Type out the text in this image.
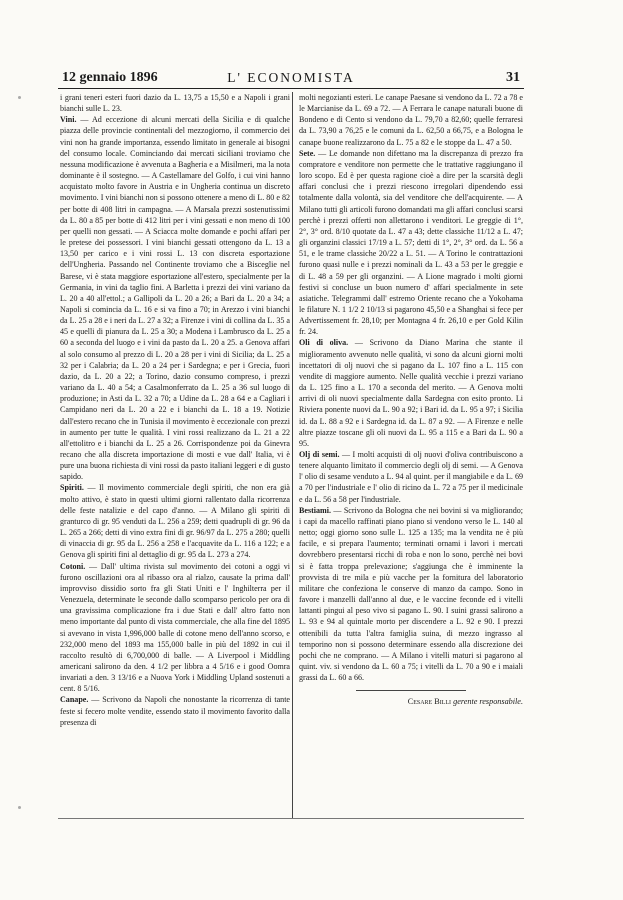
12 gennaio 1896	L' ECONOMISTA	31

i grani teneri esteri fuori dazio da L. 13,75 a 15,50 e a Napoli i grani bianchi sulle L. 23.

Vini. — Ad eccezione di alcuni mercati della Sicilia e di qualche piazza delle provincie continentali del mezzogiorno, il commercio dei vini non ha grande importanza, essendo limitato in generale ai bisogni del consumo locale. Cominciando dai mercati siciliani troviamo che nessuna modificazione è avvenuta a Bagheria e a Misilmeri, ma la nota dominante è il sostegno. — A Castellamare del Golfo, i cui vini hanno acquistato molto favore in Austria e in Ungheria continua un discreto movimento. I vini bianchi non si possono ottenere a meno di L. 80 e 82 per botte di 408 litri in campagna. — A Marsala prezzi sostenutissimi da L. 80 a 85 per botte di 412 litri per i vini gessati e non meno di 100 per quelli non gessati. — A Sciacca molte domande e pochi affari per le pretese dei possessori. I vini bianchi gessati ottengono da L. 13 a 13,50 per carico e i vini rossi L. 13 con discreta esportazione dell'Ungheria. Passando nel Continente troviamo che a Bisceglie nel Barese, vi è stata maggiore esportazione all'estero, specialmente per la Germania, in vini da taglio fini. A Barletta i prezzi dei vini variano da L. 20 a 40 all'ettol.; a Gallipoli da L. 20 a 26; a Bari da L. 20 a 34; a Napoli si comincia da L. 16 e si va fino a 70; in Arezzo i vini bianchi da L. 25 a 28 e i neri da L. 27 a 32; a Firenze i vini di collina da L. 35 a 45 e quelli di pianura da L. 25 a 30; a Modena i Lambrusco da L. 25 a 60 a seconda del luogo e i vini da pasto da L. 20 a 25. a Genova affari al solo consumo al prezzo di L. 20 a 28 per i vini di Sicilia; da L. 25 a 32 per i Calabria; da L. 20 a 24 per i Sardegna; e per i Grecia, fuori dazio, da L. 20 a 22; a Torino, dazio consumo compreso, i prezzi variano da L. 40 a 54; a Casalmonferrato da L. 25 a 36 sul luogo di produzione; in Asti da L. 32 a 70; a Udine da L. 28 a 64 e a Cagliari i Campidano neri da L. 20 a 22 e i bianchi da L. 18 a 19. Notizie dall'estero recano che in Tunisia il movimento è eccezionale con prezzi in aumento per tutte le qualità. I vini rossi realizzano da L. 21 a 22 all'ettolitro e i bianchi da L. 25 a 26. Corrispondenze poi da Ginevra recano che alla discreta importazione di mosti e vue dall' Italia, vi è pure una buona richiesta di vini rossi da pasto italiani leggeri e di gusto sapido.

Spiriti. — Il movimento commerciale degli spiriti, che non era già molto attivo, è stato in questi ultimi giorni rallentato dalla ricorrenza delle feste natalizie e del capo d'anno. — A Milano gli spiriti di granturco di gr. 95 venduti da L. 256 a 259; detti quadrupli di gr. 96 da L. 265 a 266; detti di vino extra fini di gr. 96/97 da L. 275 a 280; quelli di vinaccia di gr. 95 da L. 256 a 258 e l'acquavite da L. 116 a 122; e a Genova gli spiriti fini al dettaglio di gr. 95 da L. 273 a 274.

Cotoni. — Dall' ultima rivista sul movimento dei cotoni a oggi vi furono oscillazioni ora al ribasso ora al rialzo, causate la prima dall' improvviso dissidio sorto fra gli Stati Uniti e l' Inghilterra per il Venezuela, determinate le seconde dallo scomparso pericolo per ora di una gravissima complicazione fra i due Stati e dall' altro fatto non meno importante dal punto di vista commerciale, che alla fine del 1895 si avevano in vista 1,996,000 balle di cotone meno dell'anno scorso, e 232,000 meno del 1893 ma 155,000 balle in più del 1892 in cui il raccolto resultò di 6,700,000 di balle. — A Liverpool i Middling americani salirono da den. 4 1/2 per libbra a 4 5/16 e i good Oomra invariati a den. 3 13/16 e a Nuova York i Middling Upland sostenuti a cent. 8 5/16.

Canape. — Scrivono da Napoli che nonostante la ricorrenza di tante feste si fecero molte vendite, essendo stato il movimento favorito dalla presenza di

molti negozianti esteri. Le canape Paesane si vendono da L. 72 a 78 e le Marcianise da L. 69 a 72. — A Ferrara le canape naturali buone di Bondeno e di Cento si vendono da L. 79,70 a 82,60; quelle ferraresi da L. 73,90 a 76,25 e le comuni da L. 62,50 a 66,75, e a Bologna le canape buone realizzarono da L. 75 a 82 e le stoppe da L. 47 a 50.

Sete. — Le domande non difettano ma la discrepanza di prezzo fra compratore e venditore non permette che le trattative raggiungano il loro scopo. Ed è per questa ragione cioè a dire per la scarsità degli affari conclusi che i prezzi riescono irregolari dipendendo essi totalmente dalla volontà, sia del venditore che dell'acquirente. — A Milano tutti gli articoli furono domandati ma gli affari conclusi scarsi perchè i prezzi offerti non allettarono i venditori. Le greggie di 1°, 2°, 3° ord. 8/10 quotate da L. 47 a 43; dette classiche 11/12 a L. 47; gli organzini classici 17/19 a L. 57; detti di 1°, 2°, 3° ord. da L. 56 a 51, e le trame classiche 20/22 a L. 51. — A Torino le contrattazioni furono quasi nulle e i prezzi nominali da L. 43 a 53 per le greggie e di L. 48 a 59 per gli organzini. — A Lione magrado i molti giorni festivi si concluse un buon numero d' affari specialmente in sete asiatiche. Telegrammi dall' estremo Oriente recano che a Yokohama le filature N. 1 1/2 2 10/13 si pagarono 45,50 e a Shanghai si fece per Advertissement fr. 28,10; per Montagna 4 fr. 26,10 e per Gold Kilin fr. 24.

Oli di oliva. — Scrivono da Diano Marina che stante il miglioramento avvenuto nelle qualità, vi sono da alcuni giorni molti incettatori di olj nuovi che si pagano da L. 107 fino a L. 115 con vendite di maggiore aumento. Nelle qualità vecchie i prezzi variano da L. 125 fino a L. 170 a seconda del merito. — A Genova molti arrivi di oli nuovi specialmente dalla Sardegna con esito pronto. Li Riviera ponente nuovi da L. 90 a 92; i Bari id. da L. 95 a 97; i Sicilia id. da L. 88 a 92 e i Sardegna id. da L. 87 a 92. — A Firenze e nelle altre piazze toscane gli oli nuovi da L. 95 a 115 e a Bari da L. 90 a 95.

Olj di semi. — I molti acquisti di olj nuovi d'oliva contribuiscono a tenere alquanto limitato il commercio degli olj di semi. — A Genova l' olio di sesame venduto a L. 94 al quint. per il mangiabile e da L. 69 a 70 per l'industriale e l' olio di ricino da L. 72 a 75 per il medicinale e da L. 56 a 58 per l'industriale.

Bestiami. — Scrivono da Bologna che nei bovini si va migliorando; i capi da macello raffinati piano piano si vendono verso le L. 140 al netto; oggi giorno sono sulle L. 125 a 135; ma la vendita ne è più facile, e si prepara l'aumento; terminati ornami i lavori i mercati dovrebbero presentarsi ricchi di roba e non lo sono, perchè nei bovi si è fatta troppa prelevazione; s'aggiunga che è imminente la provvista di tre mila e più vacche per la fornitura del laboratorio militare che confeziona le conserve di manzo da campo. Sono in favore i manzelli dall'anno al due, e le vaccine feconde ed i vitelli lattanti pingui al peso vivo si pagano L. 90. I suini grassi salirono a L. 93 e 94 al quintale morto per discendere a L. 92 e 90. I prezzi ottenibili da tutta l'altra famiglia suina, di mezzo ingrasso al temporino non si possono determinare essendo alla discrezione dei pochi che ne comprano. — A Milano i vitelli maturi si pagarono al quint. viv. si vendono da L. 60 a 75; i vitelli da L. 70 a 90 e i maiali grassi da L. 60 a 66.

Cesare Billi gerente responsabile.
